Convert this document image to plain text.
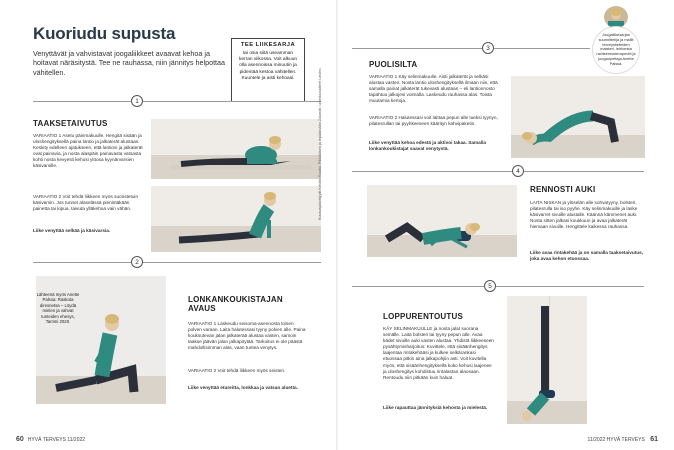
Kuoriudu supusta
Venyttävät ja vahvistavat joogaliikkeet avaavat kehoa ja hoitavat näräsitystä. Tee ne rauhassa, niin jännitys helpottaa vähitellen.
TEE LIIKESARJA
tai osia siitä useamman kerran viikossa. Voit alkuun olla asennoissa minuutin ja pidentää kestoa vähitellen. Kuuntele ja aisti kehoasi.
1
TAAKSETAIVUTUS
VARIAATIO 1 Asetu päinmakuulle. Hengitä sisään ja uloshengityksellä paina lantio ja jalkaterät alustaan. Keskity edelleen ajatukseen, että lantiosi ja jalkaterät ovat painavia, ja nosta alaspäin painavasta vatsasta kohti nosta kevyesti kehosi ylöosa kyynärvarsien käsivarsille.
VARIAATIO 2 Voit tehdä liikkeen myös suoristetuin käsivarsin. Jos tunnet alaselässä pienintäkään painetta tai kipua, taivuta ylläkehoa vain vähän.
Liike venyttää selkää ja käsivarsia.
2
Lähteenä myös Anette Palssa: Raskota diresnetsa – Löydä mielen ja vahvat tunteiden ehesys, Tammi 2020.
LONKANKOUKISTAJAN AVAUS
VARIAATIO 1 Laskeudu seisoma-asennosta toisen polven varaan. Laita halutessasi tyyny polven alle. Paina kouksutevan jalan jalkaterää alustaa vasten, samoin taakse jäävän jalan jalkapöytää. Tarkoitus ei ole päästä mahdollisimman alas, vaan tuntea venytys.
VARIAATIO 2 Voit tehdä liikkeen myös seisten.
Liike venyttää etureitta, lonkkaa ja vatsan aluetta.
Kuvauspäivätyylit Kristiin Rautio. Pikkiläisen ja lepäämään Zalandir, urheiluvaatteet Lindex.
60 HYVÄ TERVEYS 11/2022
3
Joogaliikesarjan suunnittelija ja mallit terveystieteiden maisteri, lehtoesta ravitsemusterapeutti ja joogaopettaja Anette Palssa.
PUOLISILTA
VARIAATIO 1 Käy selinmakuulle. Aisti jalkaterät ja selkäsi alustaa vasten. Nosta lantio uloshengityksellä ilmaan niin, että samalla painat jalkaterät tukevasti alustaan – eli lantionnosto tapahtuu jalkojesi voimalla. Laskeudu rauhassa alas. Toista muutamia kertoja.
VARIAATIO 2 Halutessasi voit laittaa pepun alle tueksi tyynyn, pilatesrullan tai pyyhkeeseen käärityn kahvipaketin.
Liike venyttää kehoa edestä ja aktivoi takaa. Samalla lonkankoukistajat saavat venytystä.
4
RENNOSTI AUKI
LAITA NISKAN ja ylöselän alle sohvatyyny, bolsteri, pilatesrulla tai iso pyyhe. Käy selinmakuulle ja laske käsivarret sivuille alustalle. Käännä kämmenet auki. Nosta sitten jalkasi koukkuun ja avaa jalkaterät hiemaan sivuille. Hengittele kaikessa rauhassa.
Liike avaa rintakehää ja on samalla taaksetaivutus, joka avaa kehon etuossaa.
5
LOPPURENTOUTUS
KÄY SELINMAKUULLE ja nosta jalat suorana seinälle. Laita bolsteri tai tyyny pepun alle. Avaa kädet sivuille auki vasten alustaa. Yhdistä liikkeeseen pysähtymisharjoitus: Kuvittele, että sisäänhengitys laajentaa rintakehääsi ja kulkee selkärankasi etuossaa pitkin aina jalkapohjiin asti. Voit kuvitella myös, että sisäänhengityksellä koko kehosi laajenee ja uloshengitys kohdistuu rintalastan alaosaan. Rentoudu niin pitkään kuin haluat.
Liike rapauttaa jännityksiä kehosta ja mielestä.
11/2022 HYVÄ TERVEYS 61
